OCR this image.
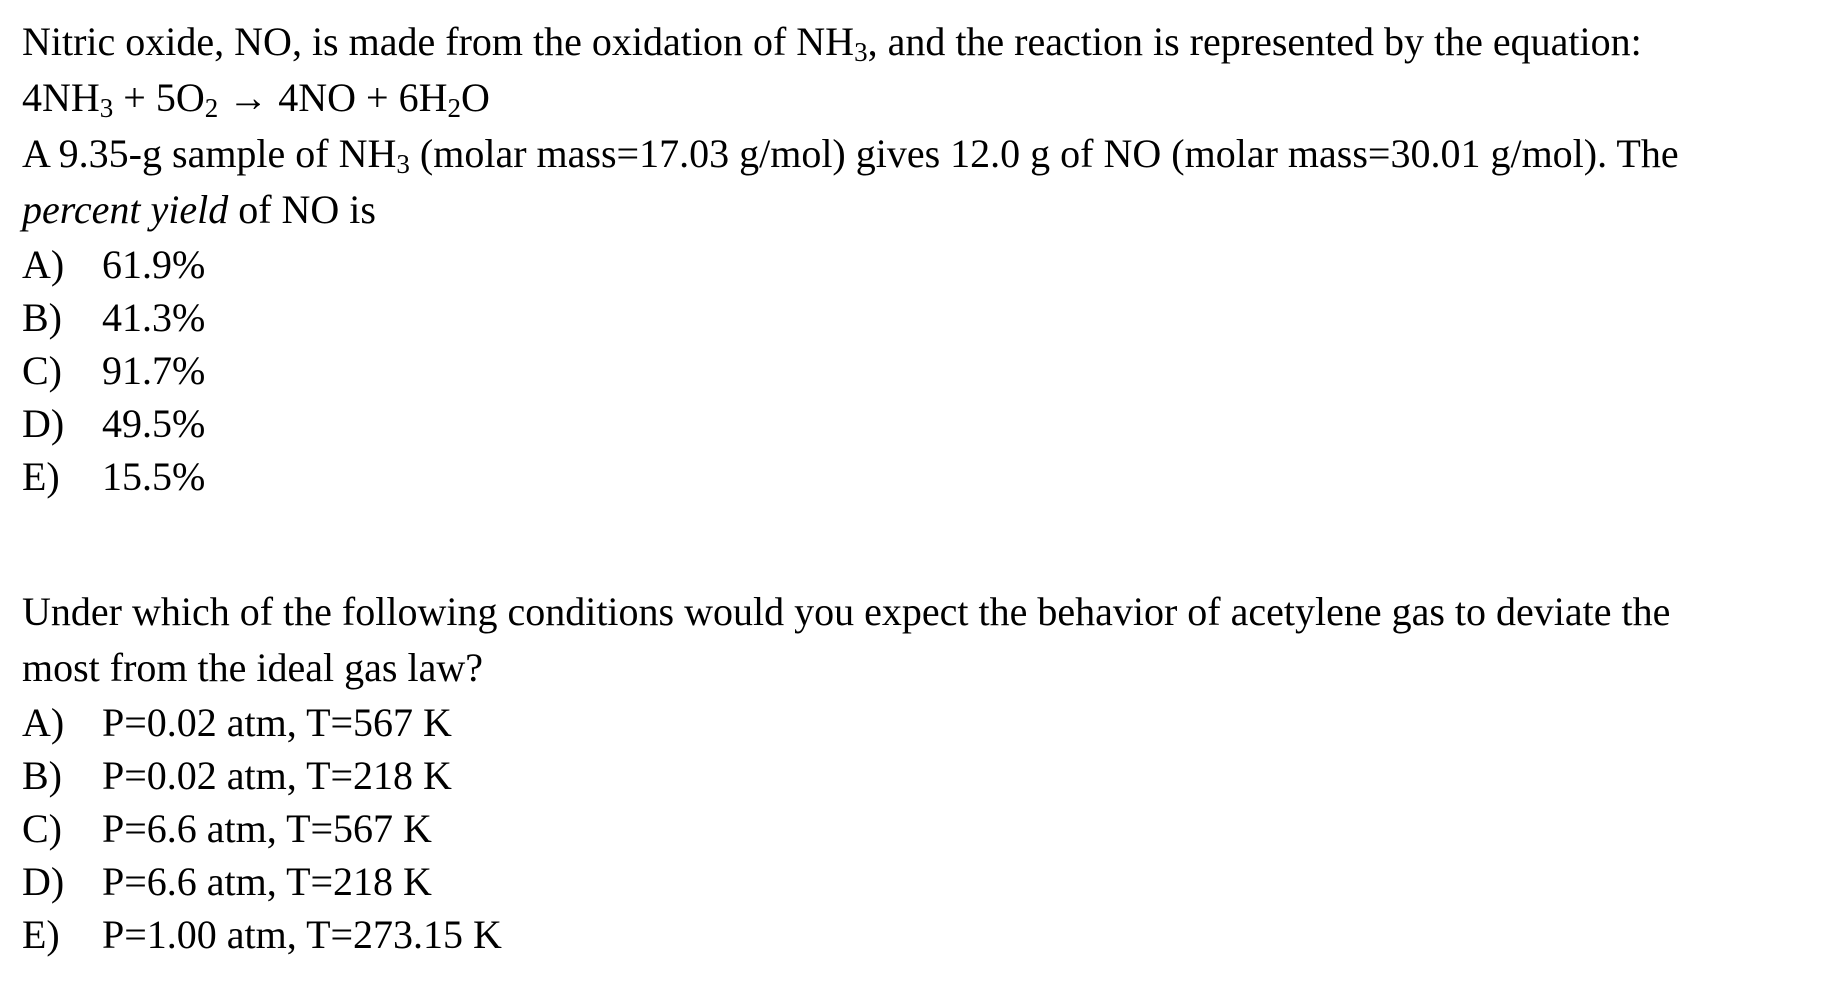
Nitric oxide, NO, is made from the oxidation of $NH_3$, and the reaction is represented by the equation:
$4NH_3 + 5O_2 \to 4NO + 6H_2O$
A 9.35-g sample of $NH_3$ (molar mass=17.03 g/mol) gives 12.0 g of NO (molar mass=30.01 g/mol). The
percent yield of NO is
A) 61.9%
B)	41.3%
C)	91.7%
D) 49.5%
E)	15.5%
Under which of the following conditions would you expect the behavior of acetylene gas to deviate the
most from the ideal gas law?
A) P=0.02 atm, T=567 K
B)	P=0.02 atm, T=218 K
C)	P=6.6 atm, T=567 K
D) P=6.6 atm, T=218 K
E)	P=1.00 atm, T=273.15 K
